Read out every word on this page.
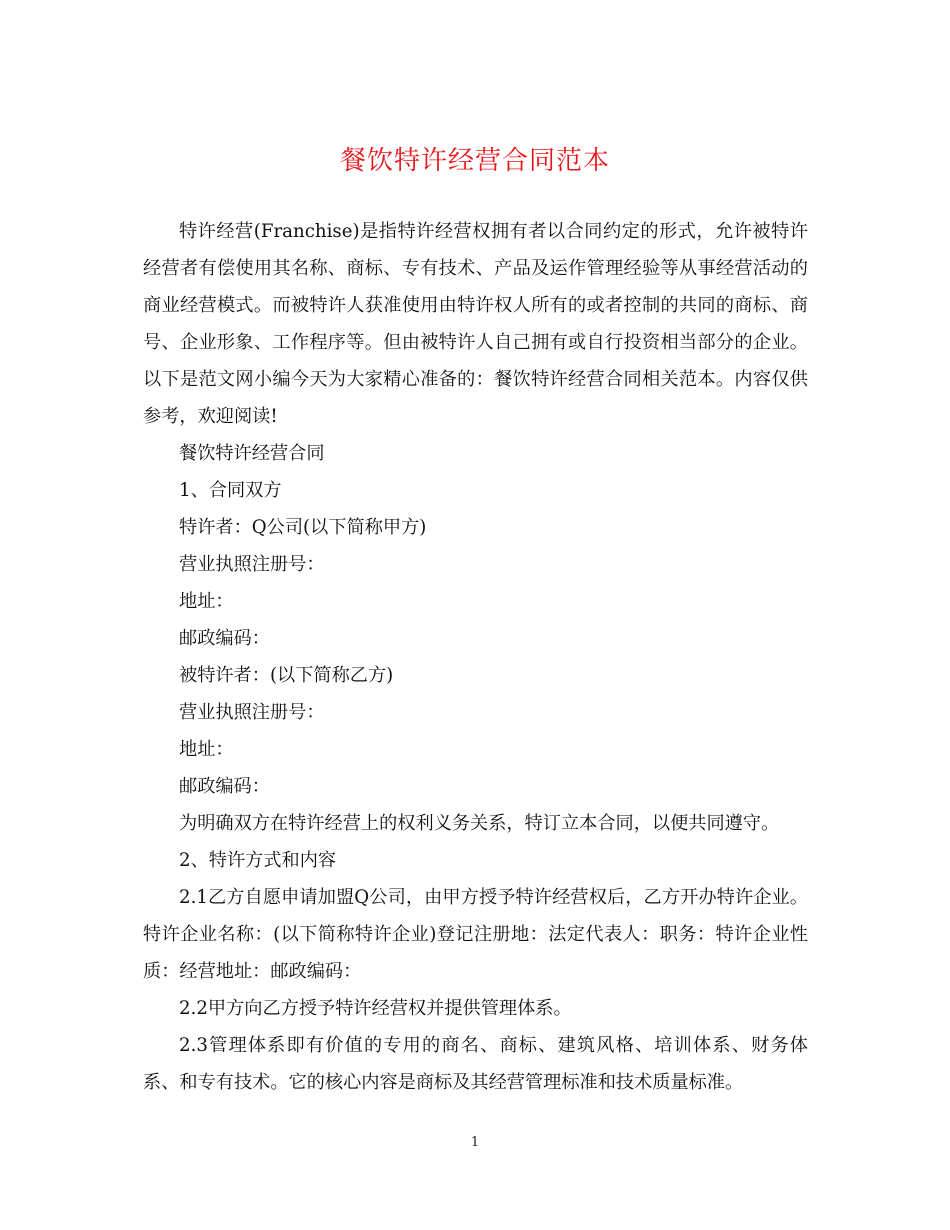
餐饮特许经营合同范本

特许经营(Franchise)是指特许经营权拥有者以合同约定的形式，允许被特许经营者有偿使用其名称、商标、专有技术、产品及运作管理经验等从事经营活动的商业经营模式。而被特许人获准使用由特许权人所有的或者控制的共同的商标、商号、企业形象、工作程序等。但由被特许人自己拥有或自行投资相当部分的企业。以下是范文网小编今天为大家精心准备的：餐饮特许经营合同相关范本。内容仅供参考，欢迎阅读!

餐饮特许经营合同

1、合同双方

特许者：Q公司(以下简称甲方)

营业执照注册号：

地址：

邮政编码：

被特许者：(以下简称乙方)

营业执照注册号：

地址：

邮政编码：

为明确双方在特许经营上的权利义务关系，特订立本合同，以便共同遵守。

2、特许方式和内容

2.1乙方自愿申请加盟Q公司，由甲方授予特许经营权后，乙方开办特许企业。特许企业名称：(以下简称特许企业)登记注册地：法定代表人：职务：特许企业性质：经营地址：邮政编码：

2.2甲方向乙方授予特许经营权并提供管理体系。

2.3管理体系即有价值的专用的商名、商标、建筑风格、培训体系、财务体系、和专有技术。它的核心内容是商标及其经营管理标准和技术质量标准。

1
